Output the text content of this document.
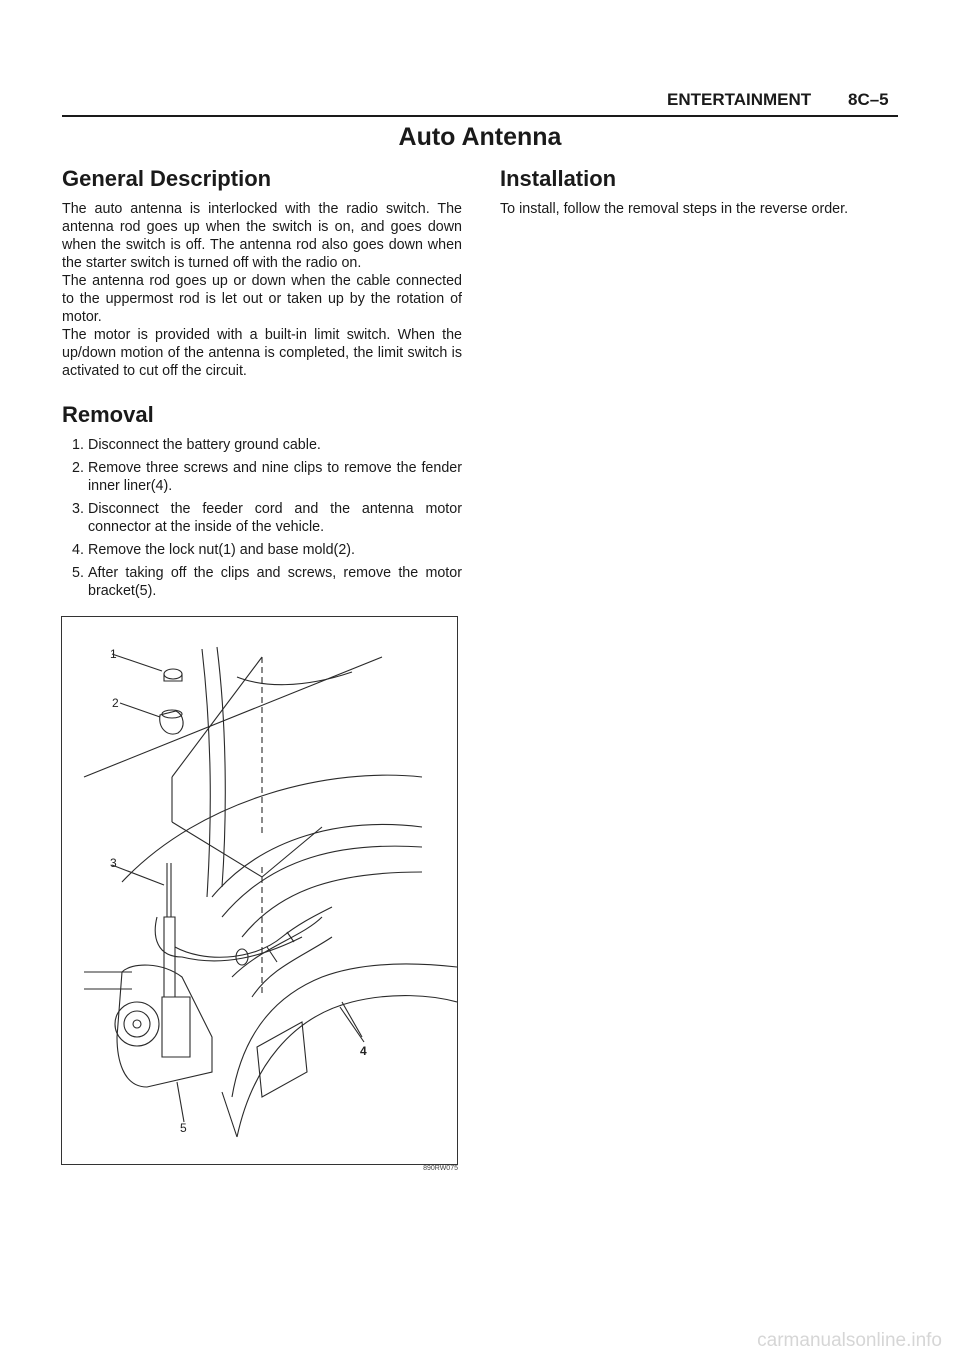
ENTERTAINMENT 8C–5
Auto Antenna
General Description

The auto antenna is interlocked with the radio switch. The antenna rod goes up when the switch is on, and goes down when the switch is off. The antenna rod also goes down when the starter switch is turned off with the radio on.

The antenna rod goes up or down when the cable connected to the uppermost rod is let out or taken up by the rotation of motor.

The motor is provided with a built-in limit switch. When the up/down motion of the antenna is completed, the limit switch is activated to cut off the circuit.

Removal
1. Disconnect the battery ground cable.
2. Remove three screws and nine clips to remove the fender inner liner(4).
3. Disconnect the feeder cord and the antenna motor connector at the inside of the vehicle.
4. Remove the lock nut(1) and base mold(2).
5. After taking off the clips and screws, remove the motor bracket(5).
Installation

To install, follow the removal steps in the reverse order.

1
2
3
4
5
890RW075
carmanualsonline.info
